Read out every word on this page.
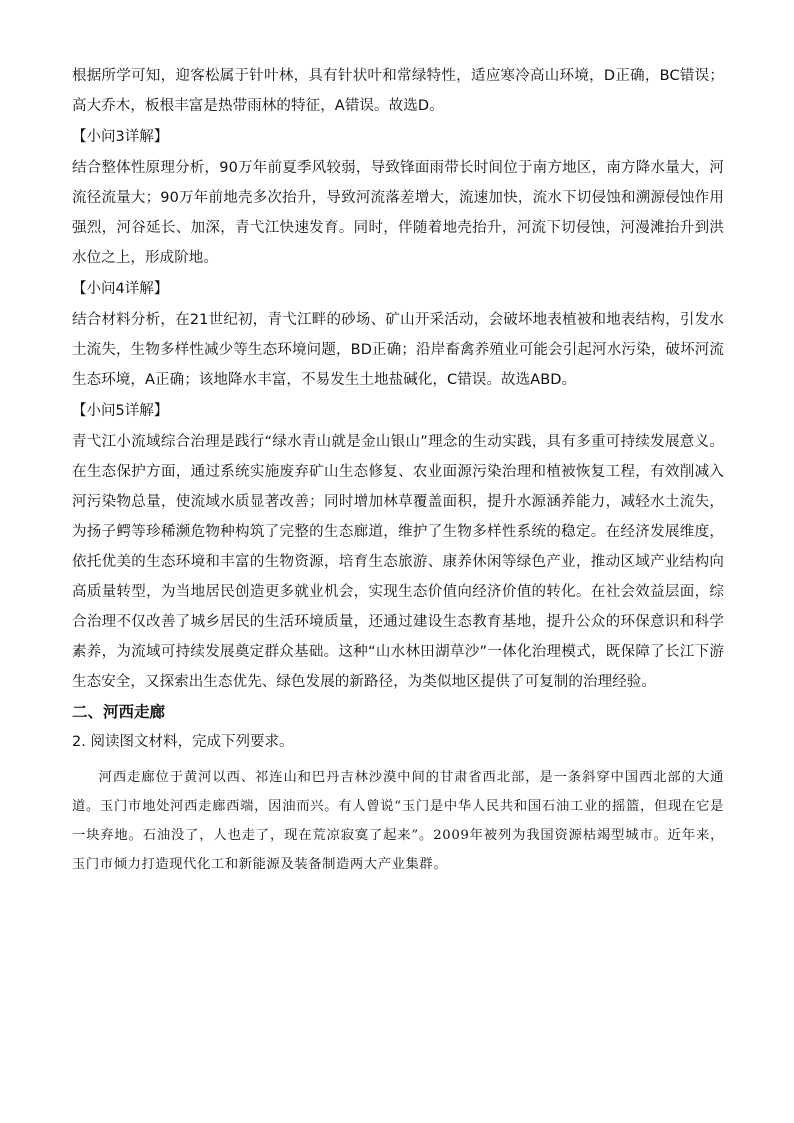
根据所学可知，迎客松属于针叶林，具有针状叶和常绿特性，适应寒冷高山环境，D正确，BC错误；高大乔木，板根丰富是热带雨林的特征，A错误。故选D。

【小问3详解】

结合整体性原理分析，90万年前夏季风较弱，导致锋面雨带长时间位于南方地区，南方降水量大，河流径流量大；90万年前地壳多次抬升，导致河流落差增大，流速加快，流水下切侵蚀和溯源侵蚀作用强烈，河谷延长、加深，青弋江快速发育。同时，伴随着地壳抬升，河流下切侵蚀，河漫滩抬升到洪水位之上，形成阶地。

【小问4详解】

结合材料分析，在21世纪初，青弋江畔的砂场、矿山开采活动，会破坏地表植被和地表结构，引发水土流失，生物多样性减少等生态环境问题，BD正确；沿岸畜禽养殖业可能会引起河水污染，破坏河流生态环境，A正确；该地降水丰富，不易发生土地盐碱化，C错误。故选ABD。

【小问5详解】

青弋江小流域综合治理是践行“绿水青山就是金山银山”理念的生动实践，具有多重可持续发展意义。在生态保护方面，通过系统实施废弃矿山生态修复、农业面源污染治理和植被恢复工程，有效削减入河污染物总量，使流域水质显著改善；同时增加林草覆盖面积，提升水源涵养能力，减轻水土流失，为扬子鳄等珍稀濒危物种构筑了完整的生态廊道，维护了生物多样性系统的稳定。在经济发展维度，依托优美的生态环境和丰富的生物资源，培育生态旅游、康养休闲等绿色产业，推动区域产业结构向高质量转型，为当地居民创造更多就业机会，实现生态价值向经济价值的转化。在社会效益层面，综合治理不仅改善了城乡居民的生活环境质量，还通过建设生态教育基地，提升公众的环保意识和科学素养，为流域可持续发展奠定群众基础。这种“山水林田湖草沙”一体化治理模式，既保障了长江下游生态安全，又探索出生态优先、绿色发展的新路径，为类似地区提供了可复制的治理经验。

二、河西走廊

2. 阅读图文材料，完成下列要求。

河西走廊位于黄河以西、祁连山和巴丹吉林沙漠中间的甘肃省西北部，是一条斜穿中国西北部的大通道。玉门市地处河西走廊西端，因油而兴。有人曾说“玉门是中华人民共和国石油工业的摇篮，但现在它是一块弃地。石油没了，人也走了，现在荒凉寂寞了起来”。2009年被列为我国资源枯竭型城市。近年来，玉门市倾力打造现代化工和新能源及装备制造两大产业集群。
